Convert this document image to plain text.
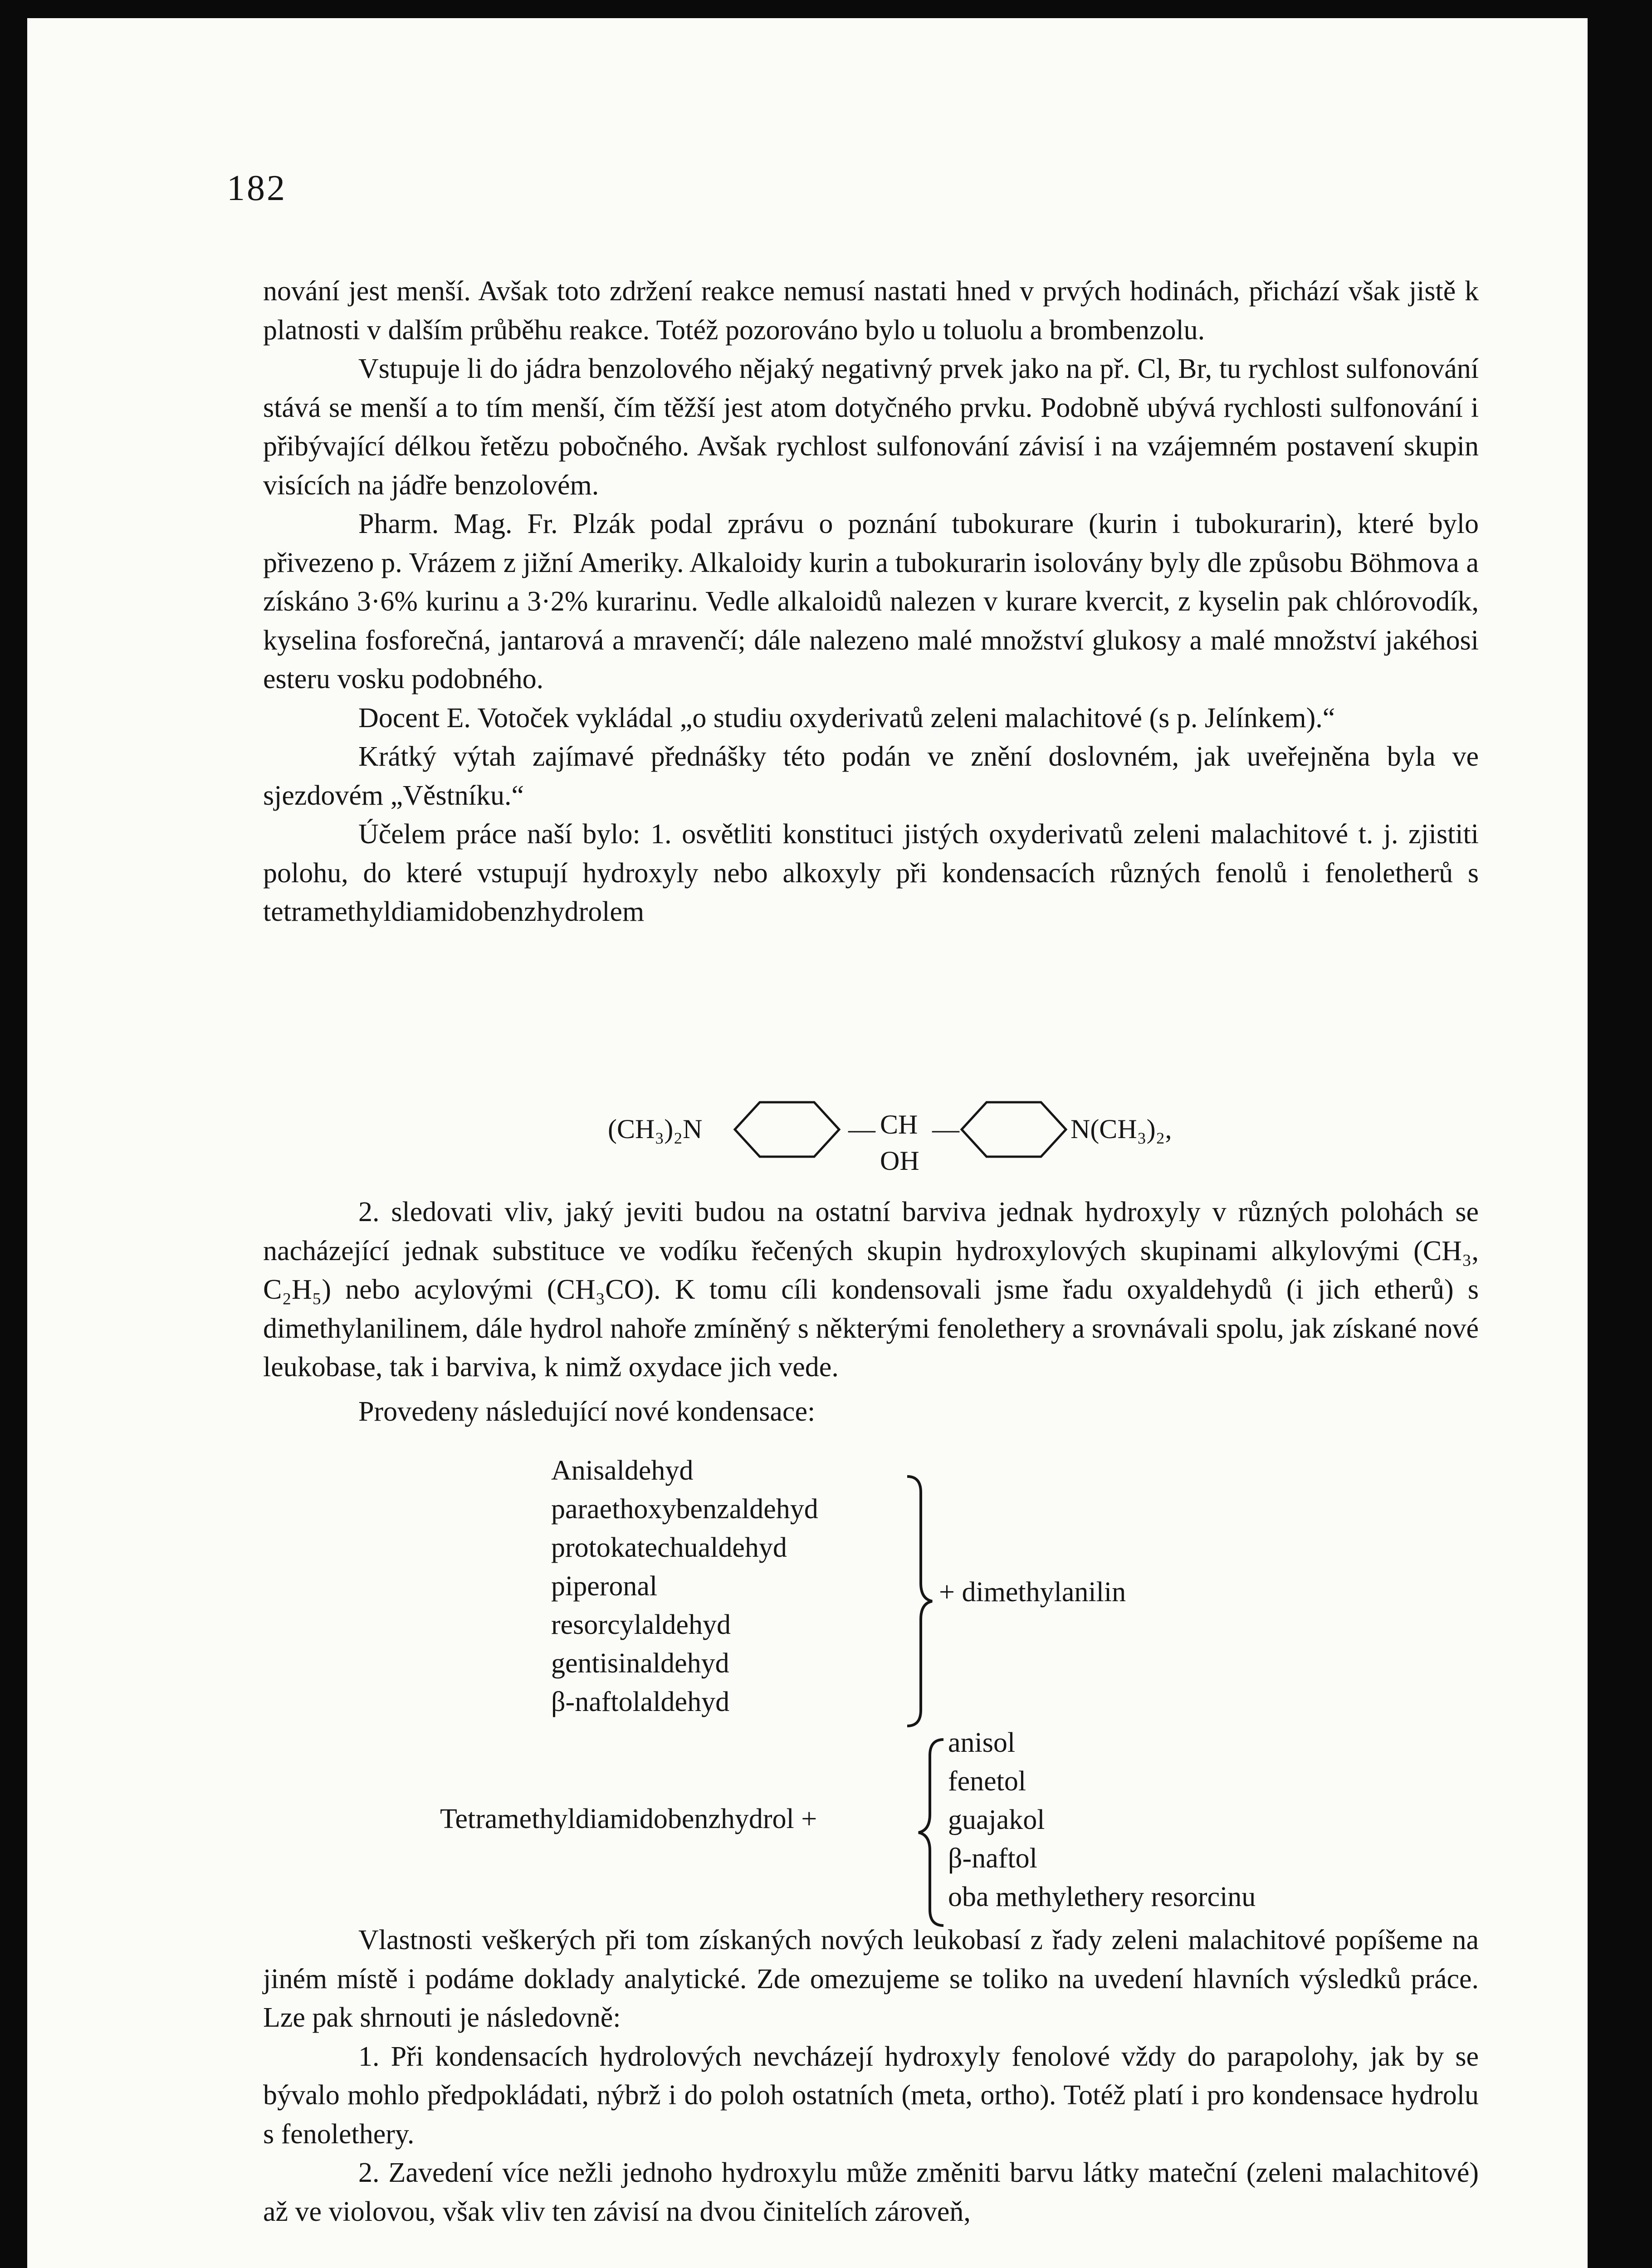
182

nování jest menší. Avšak toto zdržení reakce nemusí nastati hned v prvých hodinách, přichází však jistě k platnosti v dalším průběhu reakce. Totéž pozorováno bylo u toluolu a brombenzolu.

Vstupuje li do jádra benzolového nějaký negativný prvek jako na př. Cl, Br, tu rychlost sulfonování stává se menší a to tím menší, čím těžší jest atom dotyčného prvku. Podobně ubývá rychlosti sulfonování i přibývající délkou řetězu pobočného. Avšak rychlost sulfonování závisí i na vzájemném postavení skupin visících na jádře benzolovém.

Pharm. Mag. Fr. Plzák podal zprávu o poznání tubokurare (kurin i tubokurarin), které bylo přivezeno p. Vrázem z jižní Ameriky. Alkaloidy kurin a tubokurarin isolovány byly dle způsobu Böhmova a získáno 3·6% kurinu a 3·2% kurarinu. Vedle alkaloidů nalezen v kurare kvercit, z kyselin pak chlórovodík, kyselina fosforečná, jantarová a mravenčí; dále nalezeno malé množství glukosy a malé množství jakéhosi esteru vosku podobného.

Docent E. Votoček vykládal „o studiu oxyderivatů zeleni malachitové (s p. Jelínkem).“

Krátký výtah zajímavé přednášky této podán ve znění doslovném, jak uveřejněna byla ve sjezdovém „Věstníku.“

Účelem práce naší bylo: 1. osvětliti konstituci jistých oxyderivatů zeleni malachitové t. j. zjistiti polohu, do které vstupují hydroxyly nebo alkoxyly při kondensacích různých fenolů i fenoletherů s tetramethyldiamidobenzhydrolem

(CH₃)₂N	— CH
OH
—	N(CH₃)₂,

2. sledovati vliv, jaký jeviti budou na ostatní barviva jednak hydroxyly v různých polohách se nacházející jednak substituce ve vodíku řečených skupin hydroxylových skupinami alkylovými (CH₃, C₂H₅) nebo acylovými (CH₃CO). K tomu cíli kondensovali jsme řadu oxyaldehydů (i jich etherů) s dimethylanilinem, dále hydrol nahoře zmíněný s některými fenolethery a srovnávali spolu, jak získané nové leukobase, tak i barviva, k nimž oxydace jich vede.

Provedeny následující nové kondensace:

Anisaldehyd
paraethoxybenzaldehyd
protokatechualdehyd
piperonal
resorcylaldehyd
gentisinaldehyd
β-naftolaldehyd
+ dimethylanilin
Tetramethyldiamidobenzhydrol +
anisol
fenetol
guajakol
β-naftol
oba methylethery resorcinu

Vlastnosti veškerých při tom získaných nových leukobasí z řady zeleni malachitové popíšeme na jiném místě i podáme doklady analytické. Zde omezujeme se toliko na uvedení hlavních výsledků práce. Lze pak shrnouti je následovně:

1. Při kondensacích hydrolových nevcházejí hydroxyly fenolové vždy do parapolohy, jak by se bývalo mohlo předpokládati, nýbrž i do poloh ostatních (meta, ortho). Totéž platí i pro kondensace hydrolu s fenolethery.

2. Zavedení více nežli jednoho hydroxylu může změniti barvu látky mateční (zeleni malachitové) až ve violovou, však vliv ten závisí na dvou činitelích zároveň,
